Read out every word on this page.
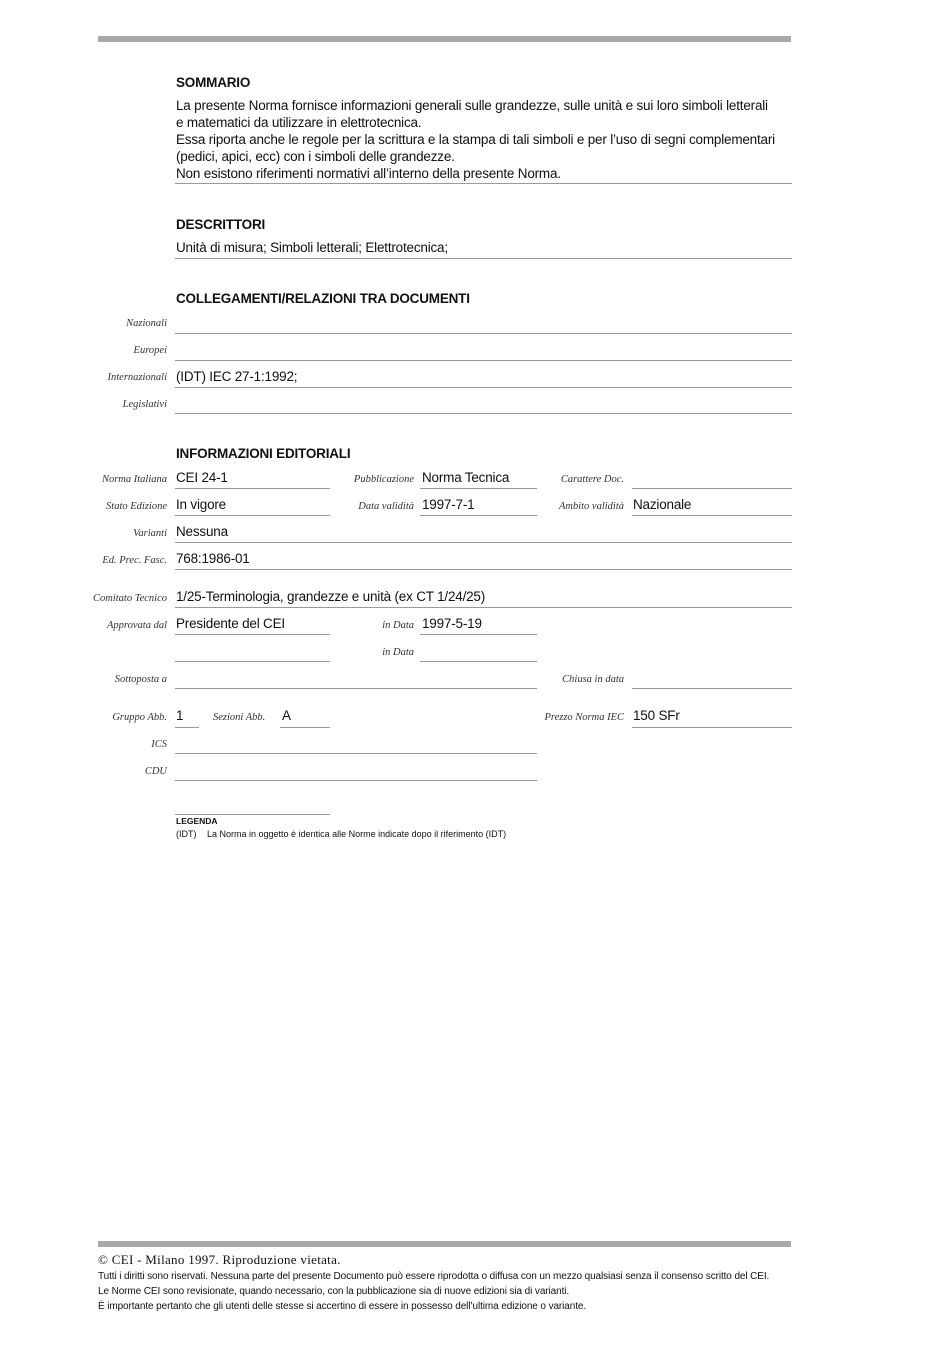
SOMMARIO
La presente Norma fornisce informazioni generali sulle grandezze, sulle unità e sui loro simboli letterali
e matematici da utilizzare in elettrotecnica.
Essa riporta anche le regole per la scrittura e la stampa di tali simboli e per l’uso di segni complementari
(pedici, apici, ecc) con i simboli delle grandezze.
Non esistono riferimenti normativi all’interno della presente Norma.
DESCRITTORI
Unità di misura; Simboli letterali; Elettrotecnica;
COLLEGAMENTI/RELAZIONI TRA DOCUMENTI
Nazionali
Europei
Internazionali (IDT) IEC 27-1:1992;
Legislativi
INFORMAZIONI EDITORIALI
Norma Italiana CEI 24-1	Pubblicazione Norma Tecnica	Carattere Doc.
Stato Edizione In vigore	Data validità 1997-7-1	Ambito validità Nazionale
Varianti Nessuna
Ed. Prec. Fasc. 768:1986-01
Comitato Tecnico 1/25-Terminologia, grandezze e unità (ex CT 1/24/25)
Approvata dal Presidente del CEI	in Data 1997-5-19
in Data
Sottoposta a	Chiusa in data
Gruppo Abb. 1	Sezioni Abb. A	Prezzo Norma IEC 150 SFr
ICS
CDU
LEGENDA
(IDT) La Norma in oggetto è identica alle Norme indicate dopo il riferimento (IDT)
© CEI - Milano 1997. Riproduzione vietata.
Tutti i diritti sono riservati. Nessuna parte del presente Documento può essere riprodotta o diffusa con un mezzo qualsiasi senza il consenso scritto del CEI.
Le Norme CEI sono revisionate, quando necessario, con la pubblicazione sia di nuove edizioni sia di varianti.
È importante pertanto che gli utenti delle stesse si accertino di essere in possesso dell’ultima edizione o variante.
